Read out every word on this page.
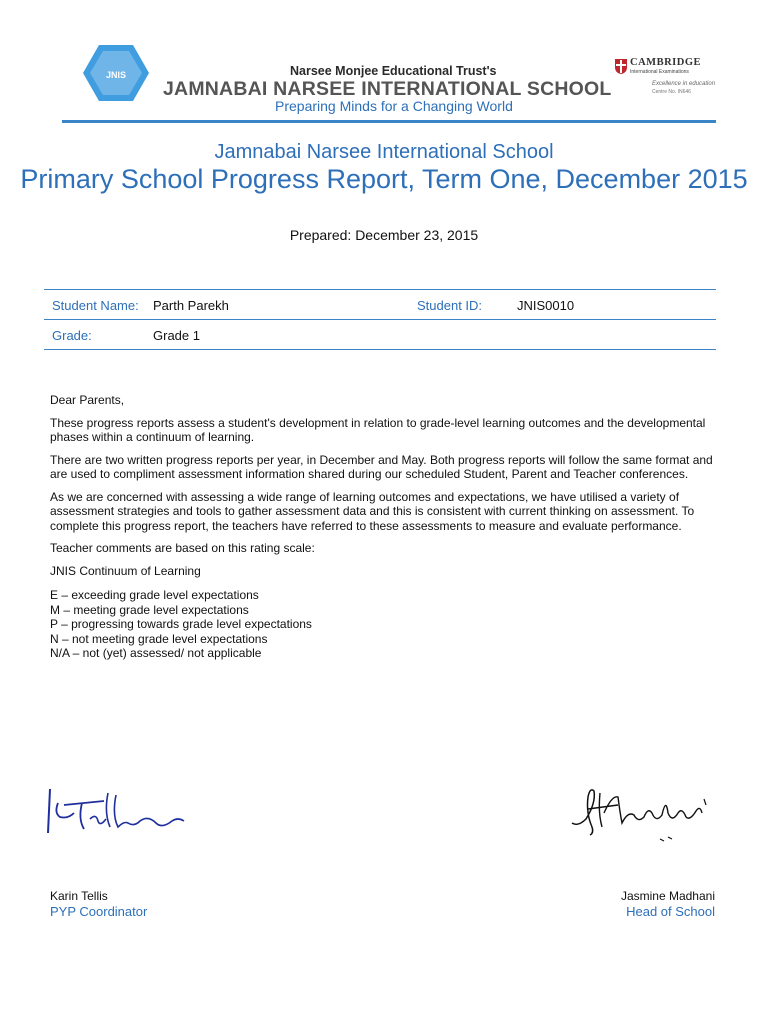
JNIS	Narsee Monjee Educational Trust's
JAMNABAI NARSEE INTERNATIONAL SCHOOL
Preparing Minds for a Changing World
CAMBRIDGE
International Examinations
Excellence in education
Centre No. IN646
Jamnabai Narsee International School
Primary School Progress Report, Term One, December 2015
Prepared: December 23, 2015
Student Name: Parth Parekh	Student ID:	JNIS0010
Grade:	Grade 1

Dear Parents,

These progress reports assess a student's development in relation to grade-level learning outcomes and the developmental phases within a continuum of learning.

There are two written progress reports per year, in December and May. Both progress reports will follow the same format and are used to compliment assessment information shared during our scheduled Student, Parent and Teacher conferences.

As we are concerned with assessing a wide range of learning outcomes and expectations, we have utilised a variety of assessment strategies and tools to gather assessment data and this is consistent with current thinking on assessment. To complete this progress report, the teachers have referred to these assessments to measure and evaluate performance.

Teacher comments are based on this rating scale:

JNIS Continuum of Learning

E – exceeding grade level expectations

M – meeting grade level expectations

P – progressing towards grade level expectations

N – not meeting grade level expectations

N/A – not (yet) assessed/ not applicable

Karin Tellis
PYP Coordinator
Jasmine Madhani
Head of School
